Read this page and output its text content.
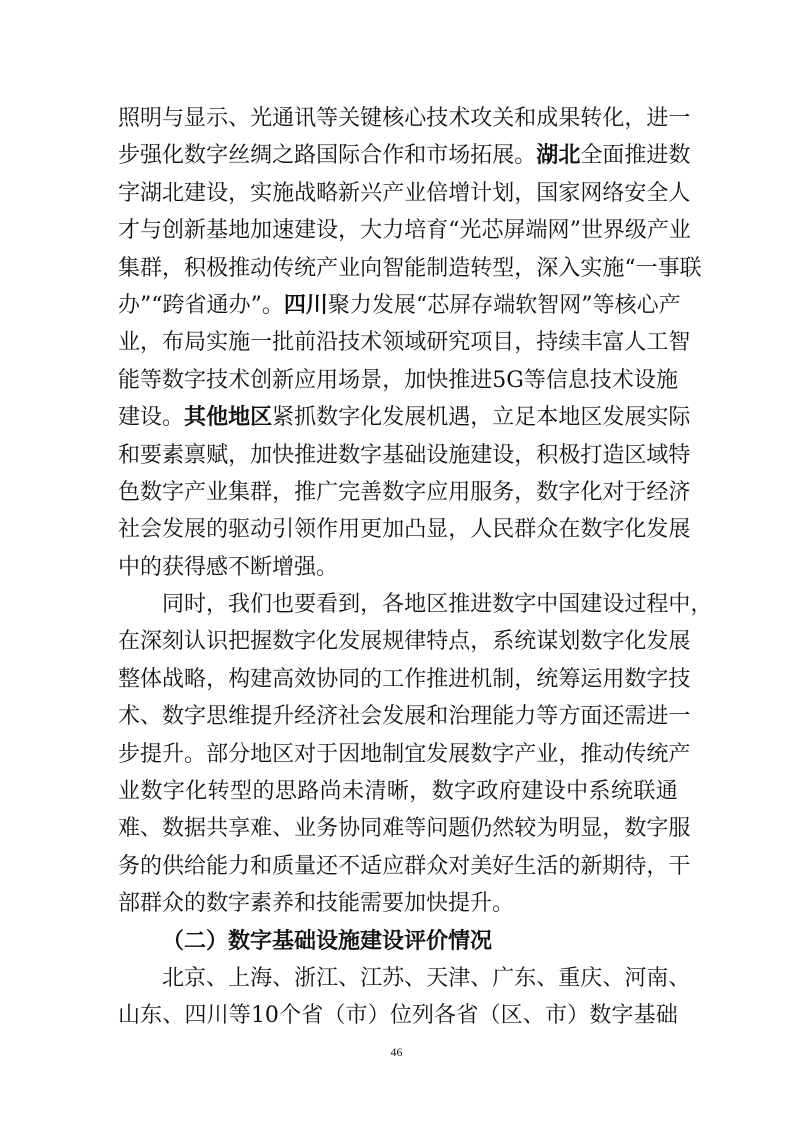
照 明 与 显 示 、 光 通 讯 等 关 键 核 心 技 术 攻 关 和 成 果 转 化 ， 进 一
步 强 化 数 字 丝 绸 之 路 国 际 合 作 和 市 场 拓 展 。 湖 北 全 面 推 进 数
字 湖 北 建 设 ， 实 施 战 略 新 兴 产 业 倍 增 计 划 ， 国 家 网 络 安 全 人
才 与 创 新 基 地 加 速 建 设 ， 大 力 培 育 “ 光 芯 屏 端 网 ” 世 界 级 产 业
集 群 ， 积 极 推 动 传 统 产 业 向 智 能 制 造 转 型 ， 深 入 实 施 “ 一 事 联
办 ” “ 跨 省 通 办 ” 。 四 川 聚 力 发 展 “ 芯 屏 存 端 软 智 网 ” 等 核 心 产
业 ， 布 局 实 施 一 批 前 沿 技 术 领 域 研 究 项 目 ， 持 续 丰 富 人 工 智
能 等 数 字 技 术 创 新 应 用 场 景 ， 加 快 推 进 5G 等 信 息 技 术 设 施
建 设 。 其 他 地 区 紧 抓 数 字 化 发 展 机 遇 ， 立 足 本 地 区 发 展 实 际
和 要 素 禀 赋 ， 加 快 推 进 数 字 基 础 设 施 建 设 ， 积 极 打 造 区 域 特
色 数 字 产 业 集 群 ， 推 广 完 善 数 字 应 用 服 务 ， 数 字 化 对 于 经 济
社 会 发 展 的 驱 动 引 领 作 用 更 加 凸 显 ， 人 民 群 众 在 数 字 化 发 展
中的获得感不断增强。
同 时 ， 我 们 也 要 看 到 ， 各 地 区 推 进 数 字 中 国 建 设 过 程 中 ，
在 深 刻 认 识 把 握 数 字 化 发 展 规 律 特 点 ， 系 统 谋 划 数 字 化 发 展
整 体 战 略 ， 构 建 高 效 协 同 的 工 作 推 进 机 制 ， 统 筹 运 用 数 字 技
术 、 数 字 思 维 提 升 经 济 社 会 发 展 和 治 理 能 力 等 方 面 还 需 进 一
步 提 升 。 部 分 地 区 对 于 因 地 制 宜 发 展 数 字 产 业 ， 推 动 传 统 产
业 数 字 化 转 型 的 思 路 尚 未 清 晰 ， 数 字 政 府 建 设 中 系 统 联 通
难 、 数 据 共 享 难 、 业 务 协 同 难 等 问 题 仍 然 较 为 明 显 ， 数 字 服
务 的 供 给 能 力 和 质 量 还 不 适 应 群 众 对 美 好 生 活 的 新 期 待 ， 干
部群众的数字素养和技能需要加快提升。
（二）数字基础设施建设评价情况
北 京 、 上 海 、 浙 江 、 江 苏 、 天 津 、 广 东 、 重 庆 、 河 南 、
山 东 、 四 川 等 10 个 省 （ 市 ） 位 列 各 省 （ 区 、 市 ） 数 字 基 础
46
